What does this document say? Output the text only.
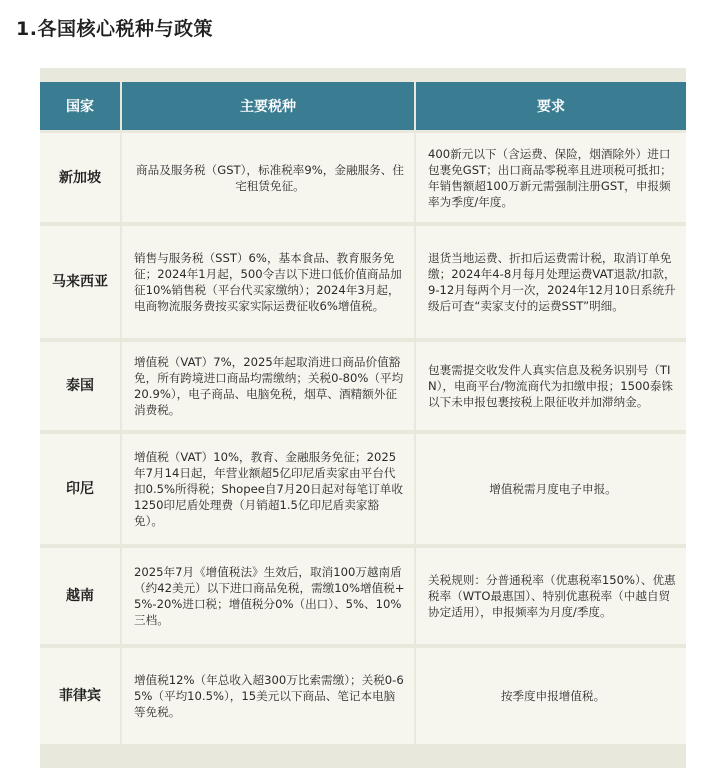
1.各国核心税种与政策
国家	主要税种	要求
新加坡	商品及服务税（GST），标准税率9%，金融服务、住宅租赁免征。	400新元以下（含运费、保险，烟酒除外）进口包裹免GST；出口商品零税率且进项税可抵扣；年销售额超100万新元需强制注册GST，申报频率为季度/年度。
马来西亚	销售与服务税（SST）6%，基本食品、教育服务免征；2024年1月起，500令吉以下进口低价值商品加征10%销售税（平台代买家缴纳）；2024年3月起，电商物流服务费按买家实际运费征收6%增值税。	退货当地运费、折扣后运费需计税，取消订单免缴；2024年4-8月每月处理运费VAT退款/扣款，9-12月每两个月一次，2024年12月10日系统升级后可查“卖家支付的运费SST”明细。
泰国	增值税（VAT）7%，2025年起取消进口商品价值豁免，所有跨境进口商品均需缴纳；关税0-80%（平均20.9%），电子商品、电脑免税，烟草、酒精额外征消费税。	包裹需提交收发件人真实信息及税务识别号（TIN），电商平台/物流商代为扣缴申报；1500泰铢以下未申报包裹按税上限征收并加滞纳金。
印尼	增值税（VAT）10%，教育、金融服务免征；2025年7月14日起，年营业额超5亿印尼盾卖家由平台代扣0.5%所得税；Shopee自7月20日起对每笔订单收1250印尼盾处理费（月销超1.5亿印尼盾卖家豁免）。	增值税需月度电子申报。
越南	2025年7月《增值税法》生效后，取消100万越南盾（约42美元）以下进口商品免税，需缴10%增值税+5%-20%进口税；增值税分0%（出口）、5%、10%三档。	关税规则：分普通税率（优惠税率150%）、优惠税率（WTO最惠国）、特别优惠税率（中越自贸协定适用），申报频率为月度/季度。
菲律宾	增值税12%（年总收入超300万比索需缴）；关税0-65%（平均10.5%），15美元以下商品、笔记本电脑等免税。	按季度申报增值税。
